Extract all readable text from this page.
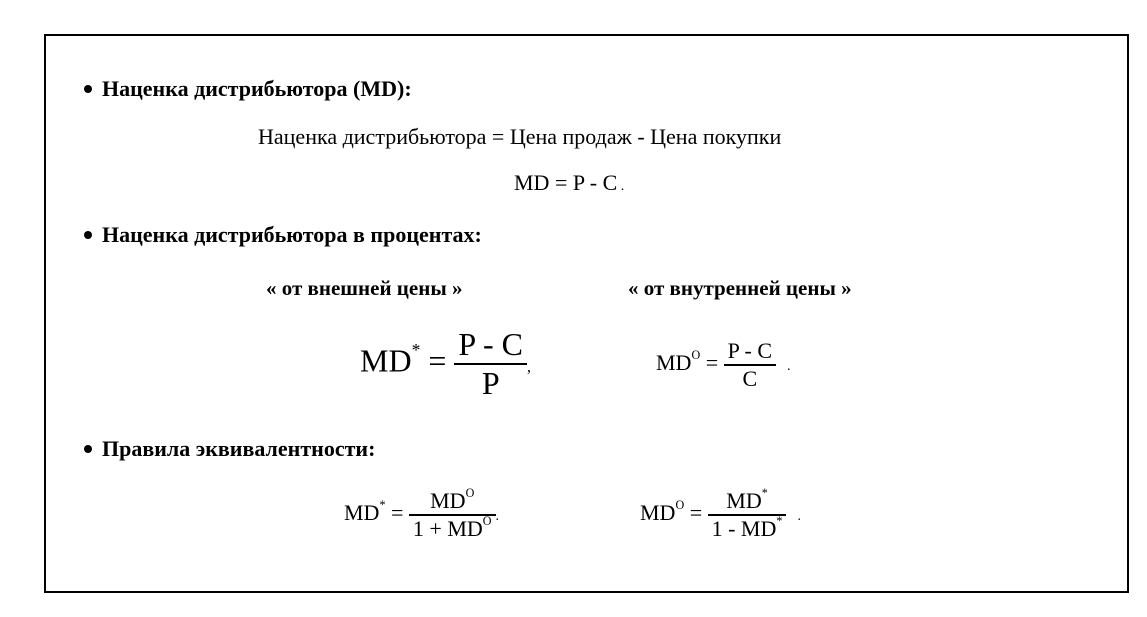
Наценка дистрибьютора (MD):
Наценка дистрибьютора = Цена продаж - Цена покупки
MD = P - C .
Наценка дистрибьютора в процентах:
« от внешней цены »	« от внутренней цены »
$MD^* = \frac{P - C}{P}$ ,	$MD^O = \frac{P - C}{C}$ .
Правила эквивалентности:
$MD^* = \frac{MD^O}{1 + MD^O}$ .	$MD^O = \frac{MD^*}{1 - MD^*}$ .
